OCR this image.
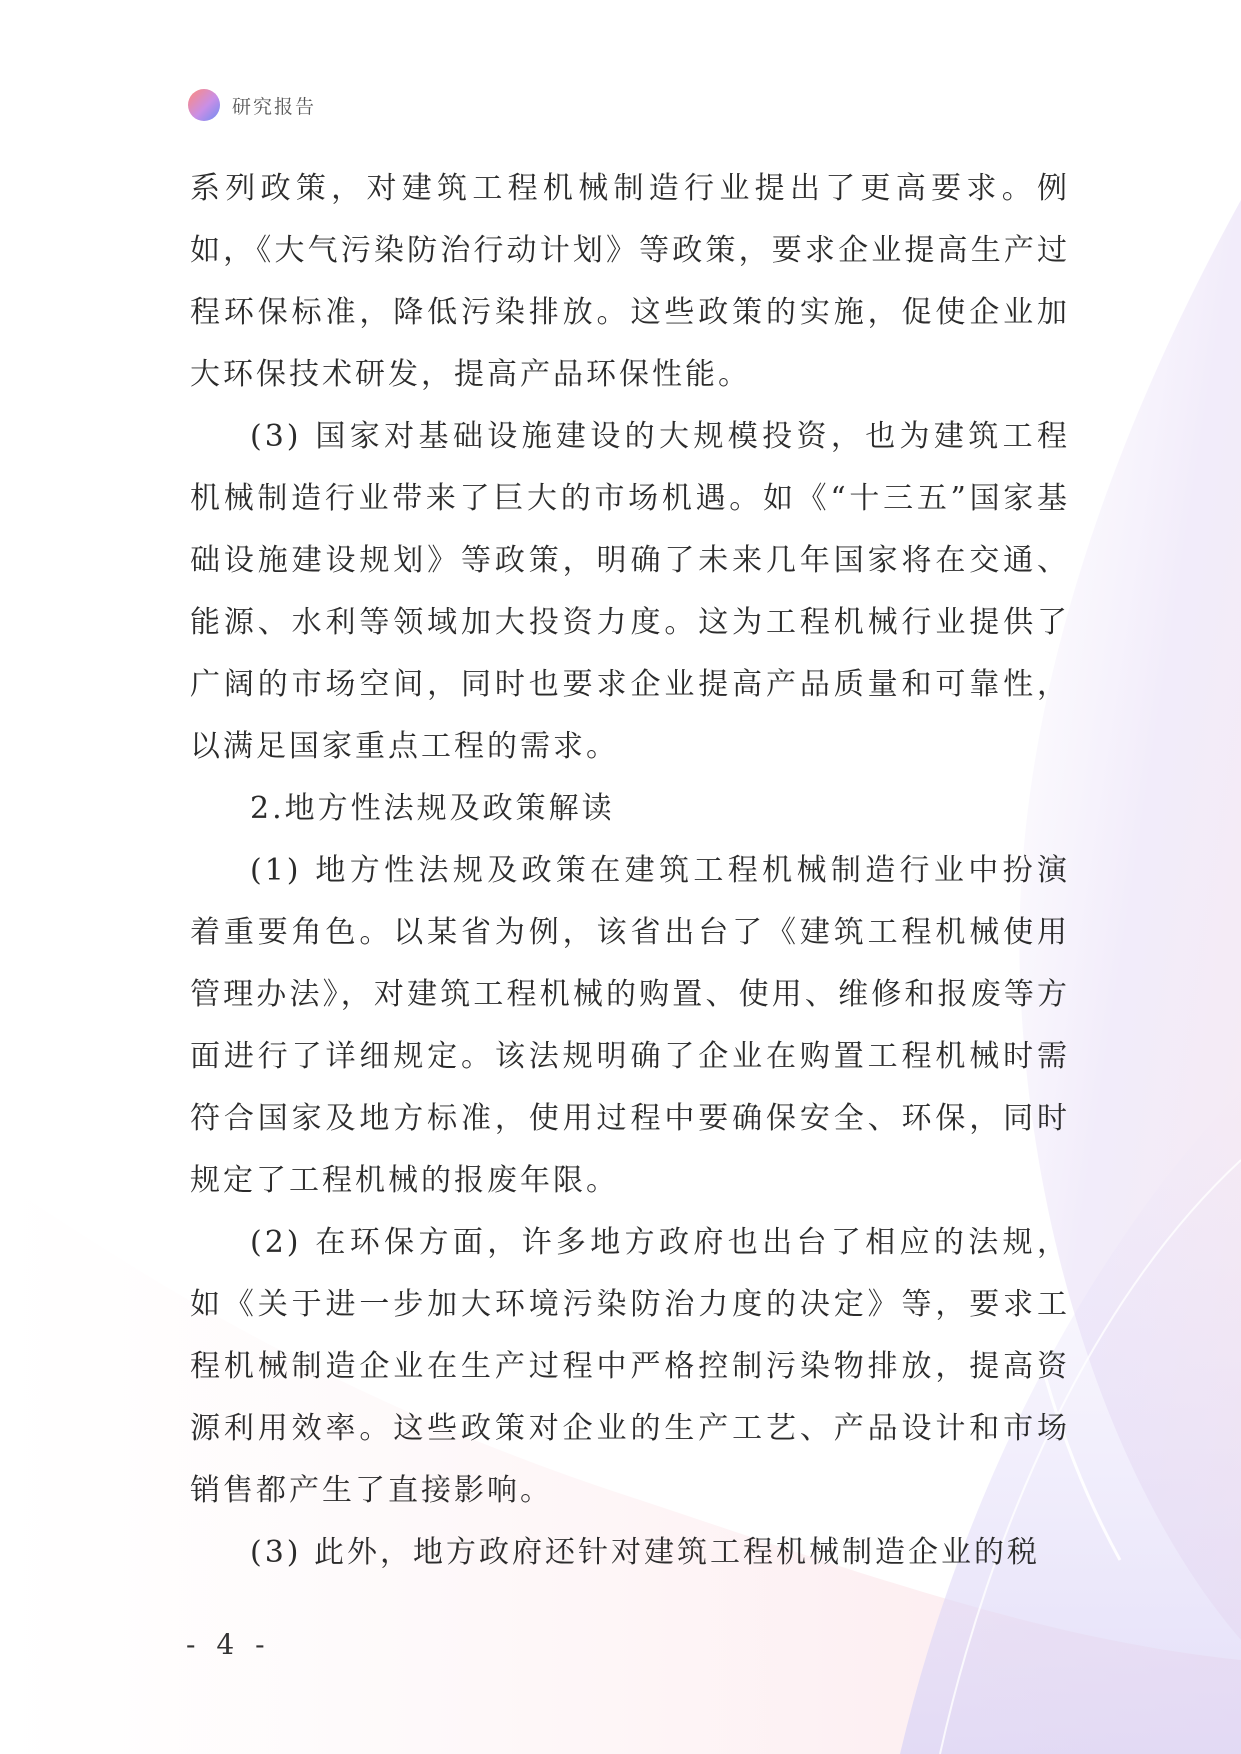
研究报告

系列政策，对建筑工程机械制造行业提出了更高要求。例如，《大气污染防治行动计划》等政策，要求企业提高生产过程环保标准，降低污染排放。这些政策的实施，促使企业加大环保技术研发，提高产品环保性能。

(3) 国家对基础设施建设的大规模投资，也为建筑工程机械制造行业带来了巨大的市场机遇。如《“十三五”国家基础设施建设规划》等政策，明确了未来几年国家将在交通、能源、水利等领域加大投资力度。这为工程机械行业提供了广阔的市场空间，同时也要求企业提高产品质量和可靠性，以满足国家重点工程的需求。

2.地方性法规及政策解读

(1) 地方性法规及政策在建筑工程机械制造行业中扮演着重要角色。以某省为例，该省出台了《建筑工程机械使用管理办法》，对建筑工程机械的购置、使用、维修和报废等方面进行了详细规定。该法规明确了企业在购置工程机械时需符合国家及地方标准，使用过程中要确保安全、环保，同时规定了工程机械的报废年限。

(2) 在环保方面，许多地方政府也出台了相应的法规，如《关于进一步加大环境污染防治力度的决定》等，要求工程机械制造企业在生产过程中严格控制污染物排放，提高资源利用效率。这些政策对企业的生产工艺、产品设计和市场销售都产生了直接影响。

(3) 此外，地方政府还针对建筑工程机械制造企业的税

- 4 -
